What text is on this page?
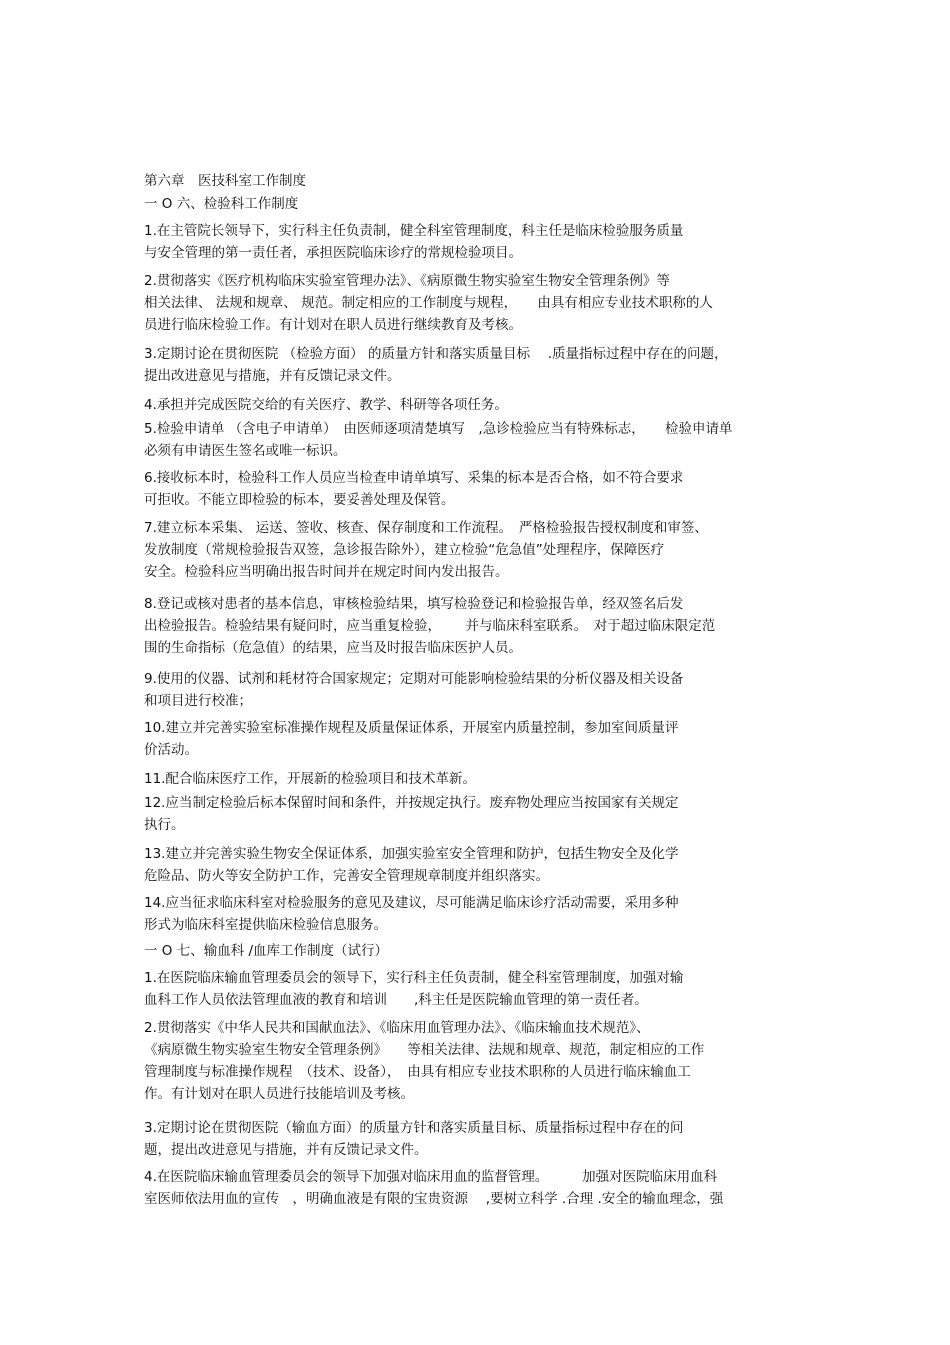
第六章　医技科室工作制度
一 O 六、检验科工作制度
1.在主管院长领导下，实行科主任负责制，健全科室管理制度，科主任是临床检验服务质量
与安全管理的第一责任者，承担医院临床诊疗的常规检验项目。
2.贯彻落实《医疗机构临床实验室管理办法》、《病原微生物实验室生物安全管理条例》等
相关法律、 法规和规章、 规范。制定相应的工作制度与规程，　　由具有相应专业技术职称的人
员进行临床检验工作。有计划对在职人员进行继续教育及考核。
3.定期讨论在贯彻医院 （检验方面） 的质量方针和落实质量目标　 .质量指标过程中存在的问题，
提出改进意见与措施，并有反馈记录文件。
4.承担并完成医院交给的有关医疗、教学、科研等各项任务。
5.检验申请单 （含电子申请单）　由医师逐项清楚填写　,急诊检验应当有特殊标志，　　检验申请单
必须有申请医生签名或唯一标识。
6.接收标本时，检验科工作人员应当检查申请单填写、采集的标本是否合格，如不符合要求
可拒收。不能立即检验的标本，要妥善处理及保管。
7.建立标本采集、 运送、签收、核查、保存制度和工作流程。　严格检验报告授权制度和审签、
发放制度（常规检验报告双签，急诊报告除外），建立检验“危急值”处理程序，保障医疗
安全。检验科应当明确出报告时间并在规定时间内发出报告。
8.登记或核对患者的基本信息，审核检验结果，填写检验登记和检验报告单，经双签名后发
出检验报告。检验结果有疑问时，应当重复检验，　　 并与临床科室联系。　对于超过临床限定范
围的生命指标（危急值）的结果，应当及时报告临床医护人员。
9.使用的仪器、试剂和耗材符合国家规定；定期对可能影响检验结果的分析仪器及相关设备
和项目进行校准；
10.建立并完善实验室标准操作规程及质量保证体系，开展室内质量控制，参加室间质量评
价活动。
11.配合临床医疗工作，开展新的检验项目和技术革新。
12.应当制定检验后标本保留时间和条件，并按规定执行。废弃物处理应当按国家有关规定
执行。
13.建立并完善实验生物安全保证体系，加强实验室安全管理和防护，包括生物安全及化学
危险品、防火等安全防护工作，完善安全管理规章制度并组织落实。
14.应当征求临床科室对检验服务的意见及建议，尽可能满足临床诊疗活动需要，采用多种
形式为临床科室提供临床检验信息服务。
一 O 七、输血科 /血库工作制度（试行）
1.在医院临床输血管理委员会的领导下，实行科主任负责制，健全科室管理制度，加强对输
血科工作人员依法管理血液的教育和培训　　,科主任是医院输血管理的第一责任者。
2.贯彻落实《中华人民共和国献血法》、《临床用血管理办法》、《临床输血技术规范》、
《病原微生物实验室生物安全管理条例》　　等相关法律、法规和规章、规范，制定相应的工作
管理制度与标准操作规程　（技术、设备），　由具有相应专业技术职称的人员进行临床输血工
作。有计划对在职人员进行技能培训及考核。
3.定期讨论在贯彻医院（输血方面）的质量方针和落实质量目标、质量指标过程中存在的问
题，提出改进意见与措施，并有反馈记录文件。
4.在医院临床输血管理委员会的领导下加强对临床用血的监督管理。　　　加强对医院临床用血科
室医师依法用血的宣传　，明确血液是有限的宝贵资源　 ,要树立科学 .合理 .安全的输血理念，强
